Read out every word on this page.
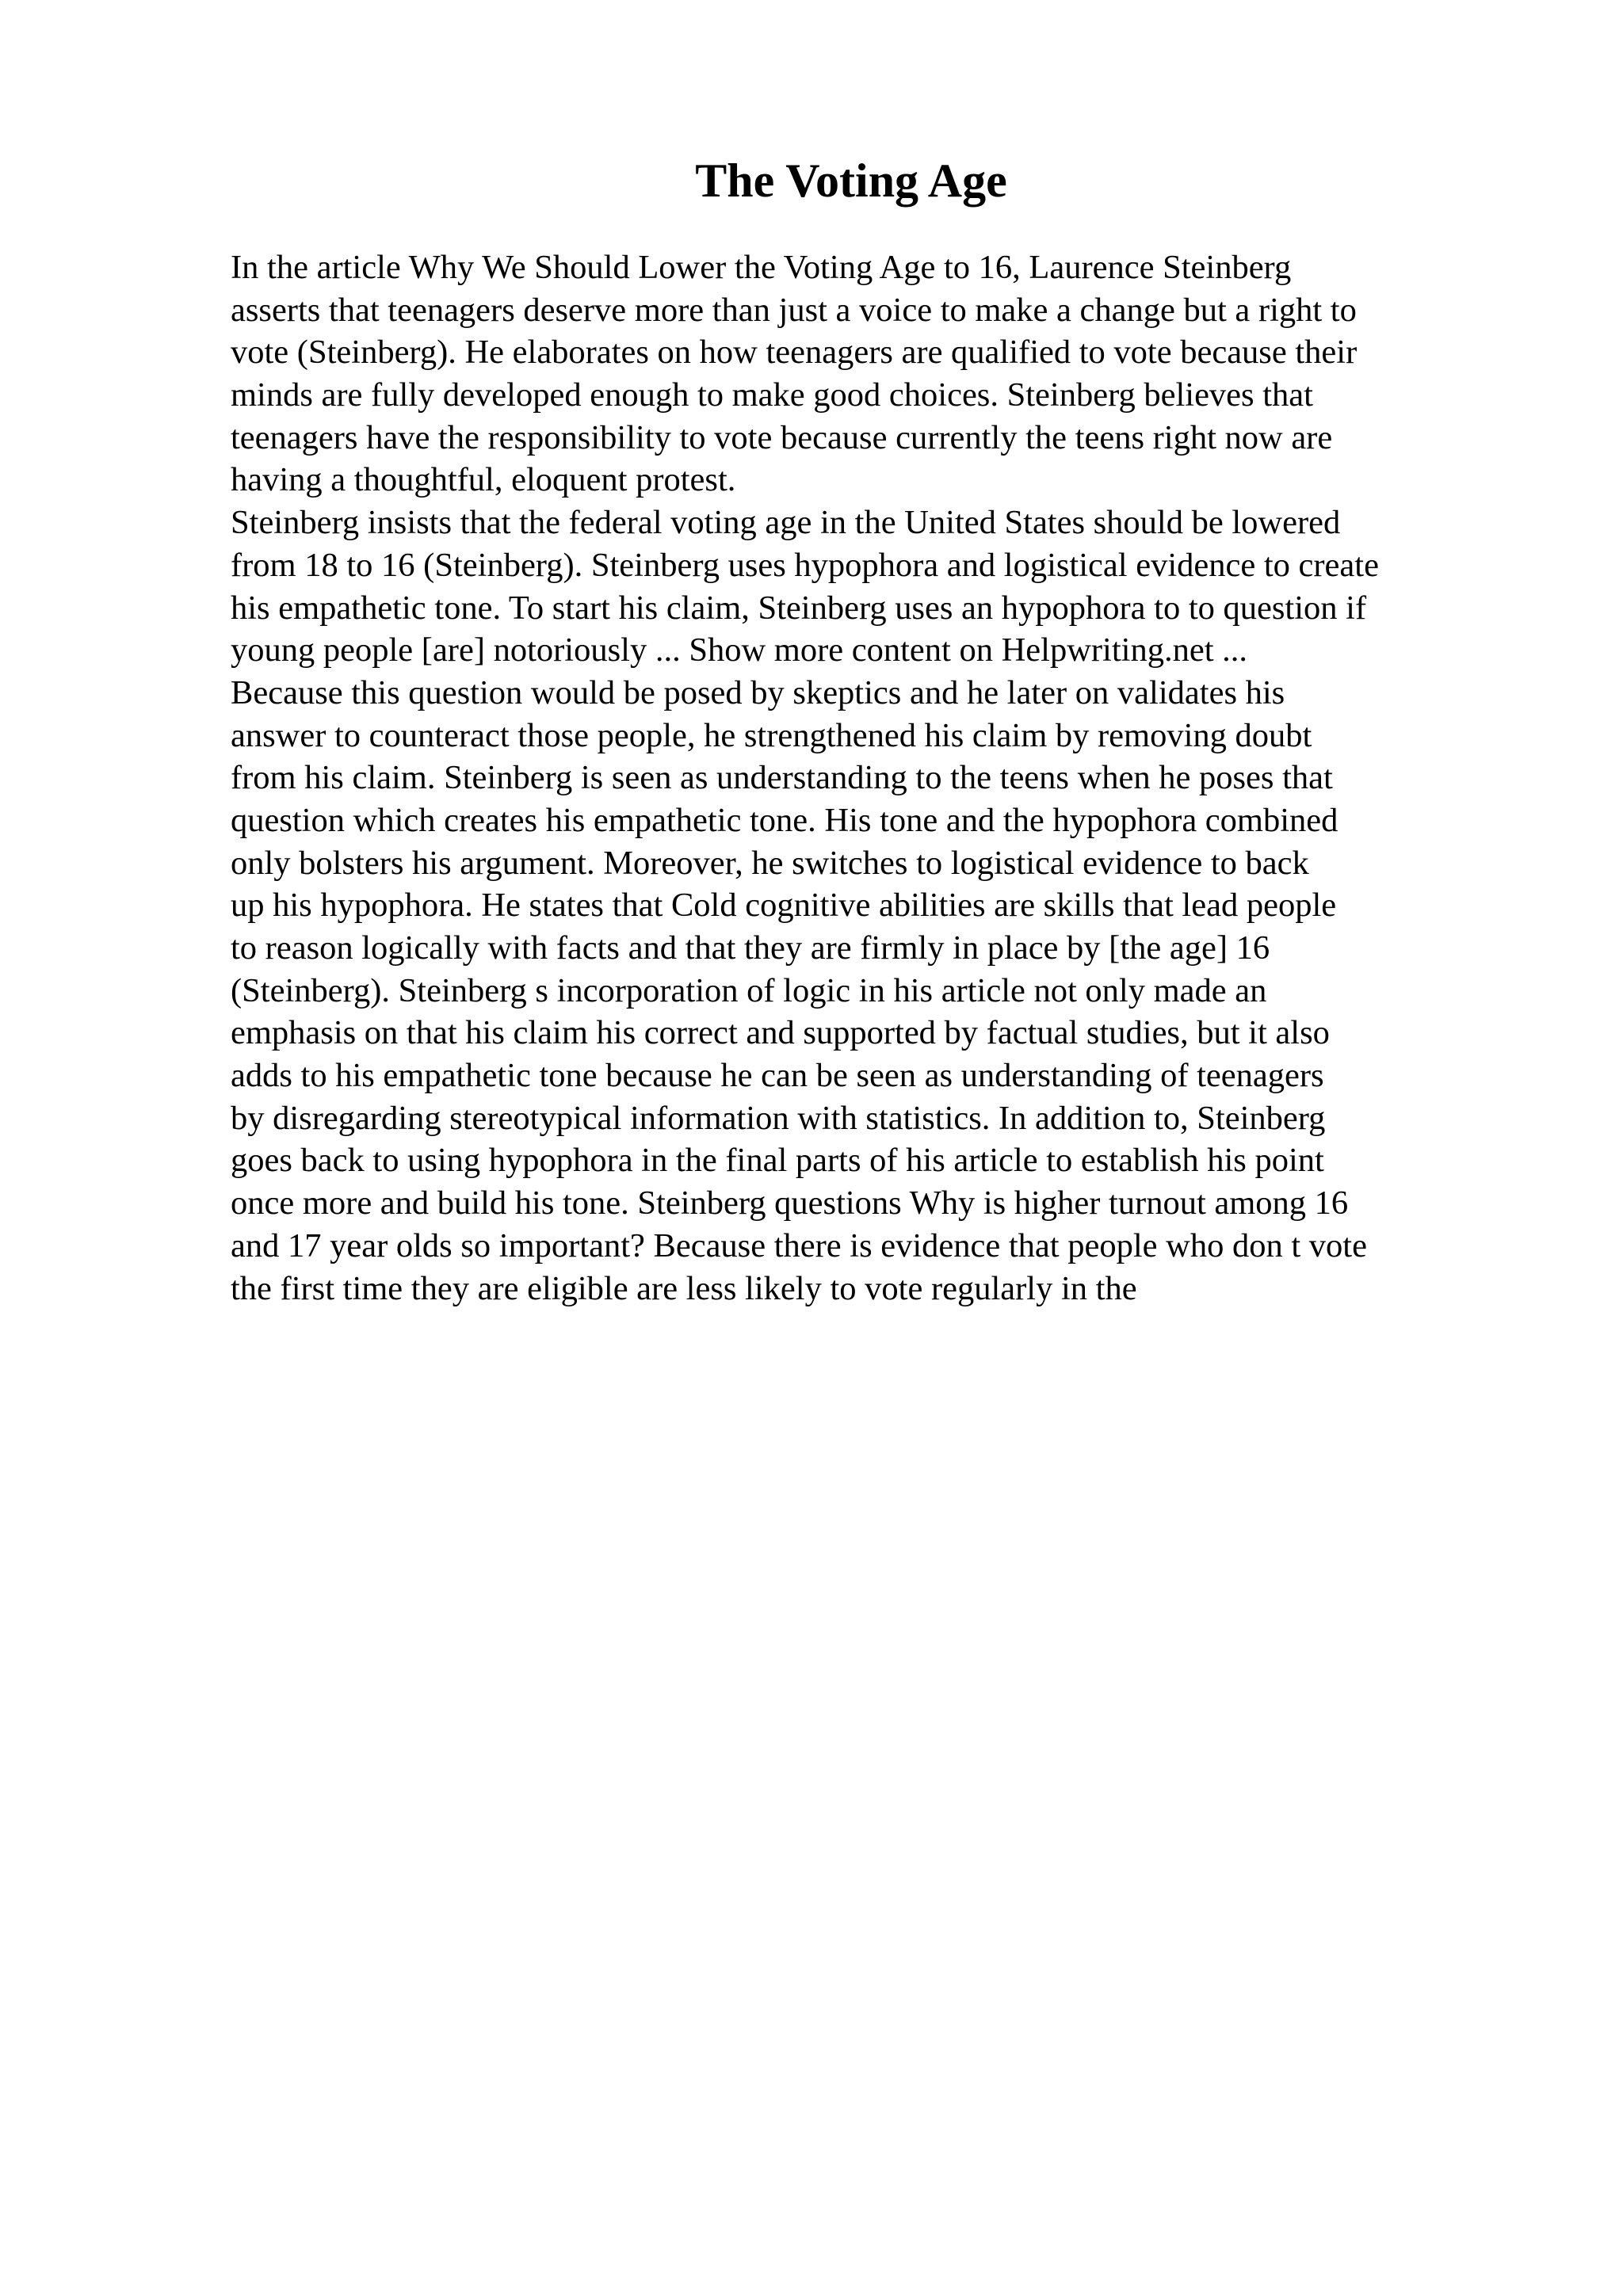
The Voting Age
In the article Why We Should Lower the Voting Age to 16, Laurence Steinberg
asserts that teenagers deserve more than just a voice to make a change but a right to
vote (Steinberg). He elaborates on how teenagers are qualified to vote because their
minds are fully developed enough to make good choices. Steinberg believes that
teenagers have the responsibility to vote because currently the teens right now are
having a thoughtful, eloquent protest.
Steinberg insists that the federal voting age in the United States should be lowered
from 18 to 16 (Steinberg). Steinberg uses hypophora and logistical evidence to create
his empathetic tone. To start his claim, Steinberg uses an hypophora to to question if
young people [are] notoriously ... Show more content on Helpwriting.net ...
Because this question would be posed by skeptics and he later on validates his
answer to counteract those people, he strengthened his claim by removing doubt
from his claim. Steinberg is seen as understanding to the teens when he poses that
question which creates his empathetic tone. His tone and the hypophora combined
only bolsters his argument. Moreover, he switches to logistical evidence to back
up his hypophora. He states that Cold cognitive abilities are skills that lead people
to reason logically with facts and that they are firmly in place by [the age] 16
(Steinberg). Steinberg s incorporation of logic in his article not only made an
emphasis on that his claim his correct and supported by factual studies, but it also
adds to his empathetic tone because he can be seen as understanding of teenagers
by disregarding stereotypical information with statistics. In addition to, Steinberg
goes back to using hypophora in the final parts of his article to establish his point
once more and build his tone. Steinberg questions Why is higher turnout among 16
and 17 year olds so important? Because there is evidence that people who don t vote
the first time they are eligible are less likely to vote regularly in the
